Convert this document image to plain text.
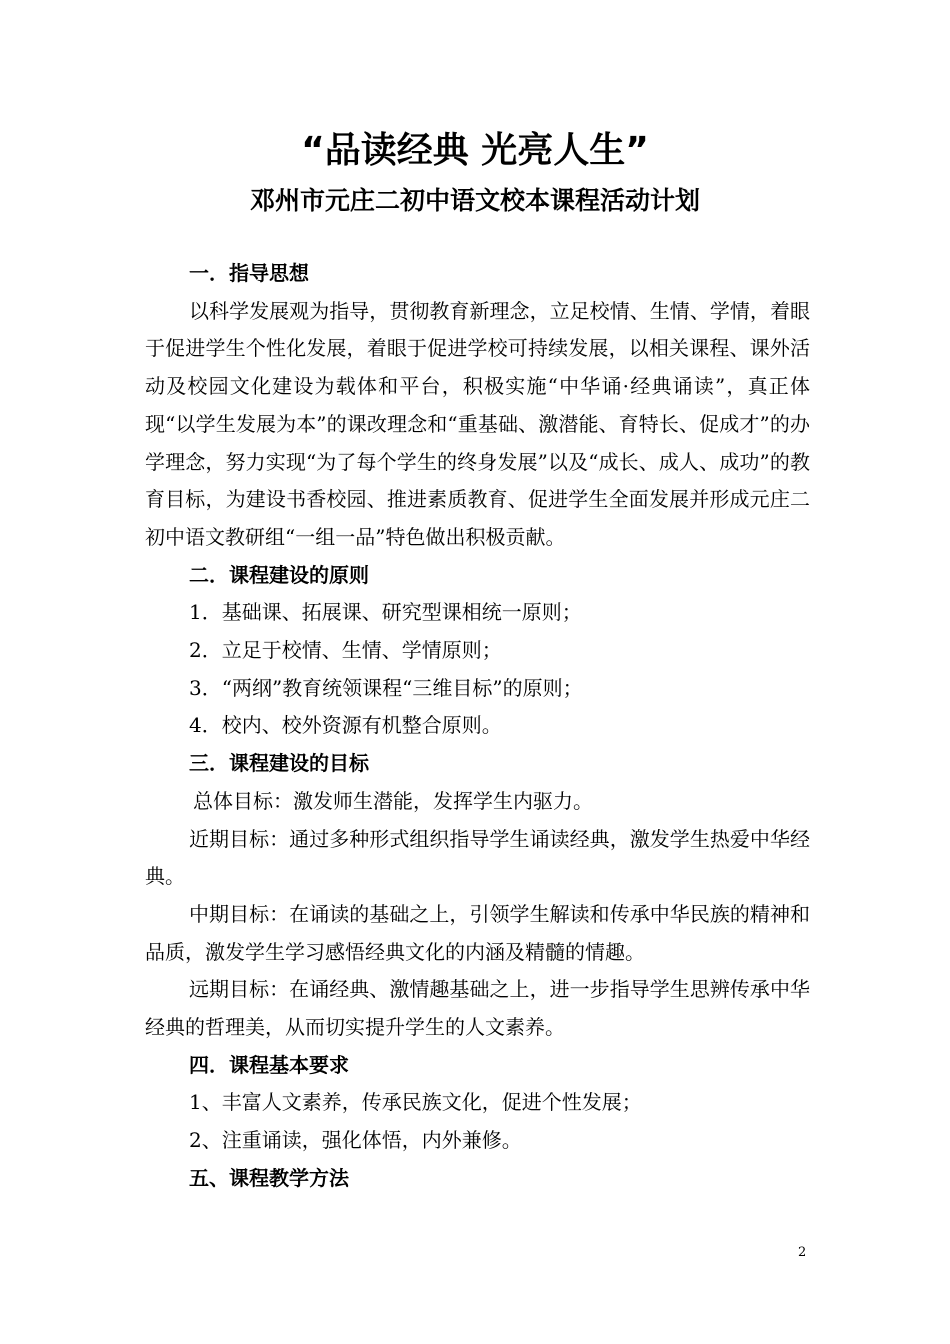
“品读经典 光亮人生”
邓州市元庄二初中语文校本课程活动计划

一．指导思想

以科学发展观为指导，贯彻教育新理念，立足校情、生情、学情，着眼于促进学生个性化发展，着眼于促进学校可持续发展，以相关课程、课外活动及校园文化建设为载体和平台，积极实施“中华诵·经典诵读”，真正体现“以学生发展为本”的课改理念和“重基础、激潜能、育特长、促成才”的办学理念，努力实现“为了每个学生的终身发展”以及“成长、成人、成功”的教育目标，为建设书香校园、推进素质教育、促进学生全面发展并形成元庄二初中语文教研组“一组一品”特色做出积极贡献。

二．课程建设的原则

1．基础课、拓展课、研究型课相统一原则；

2．立足于校情、生情、学情原则；

3．“两纲”教育统领课程“三维目标”的原则；

4．校内、校外资源有机整合原则。

三．课程建设的目标

总体目标：激发师生潜能，发挥学生内驱力。

近期目标：通过多种形式组织指导学生诵读经典，激发学生热爱中华经典。

中期目标：在诵读的基础之上，引领学生解读和传承中华民族的精神和品质，激发学生学习感悟经典文化的内涵及精髓的情趣。

远期目标：在诵经典、激情趣基础之上，进一步指导学生思辨传承中华经典的哲理美，从而切实提升学生的人文素养。

四．课程基本要求

1、丰富人文素养，传承民族文化，促进个性发展；

2、注重诵读，强化体悟，内外兼修。

五、课程教学方法

2
